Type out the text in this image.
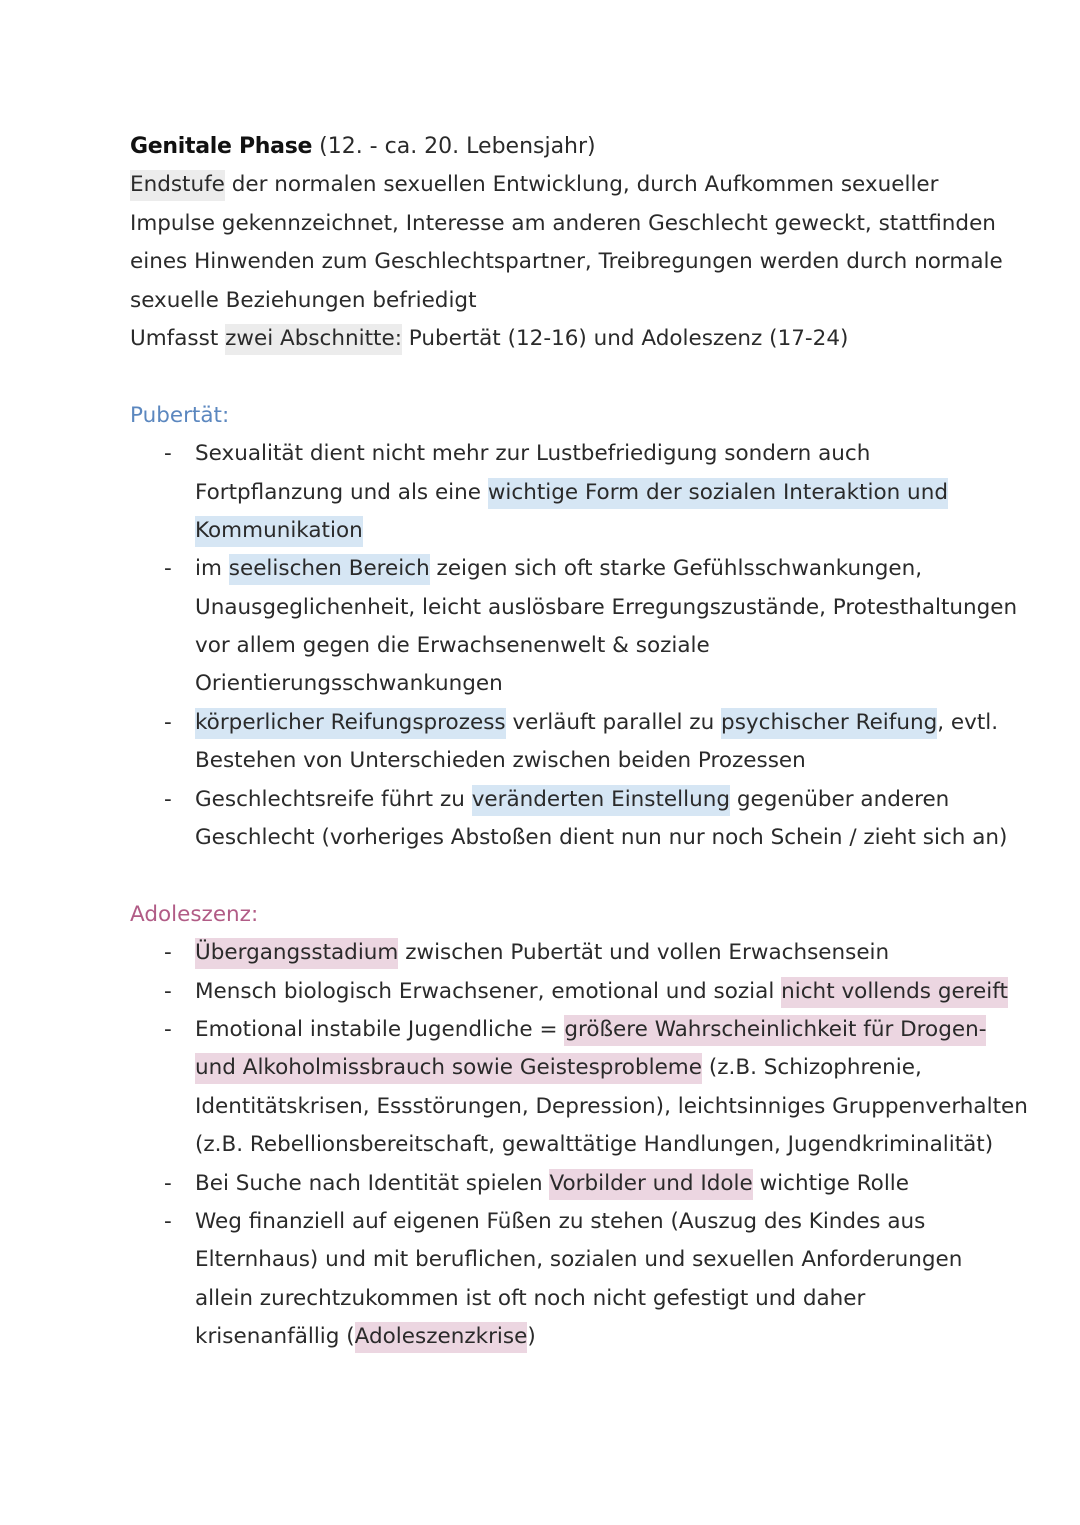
Genitale Phase (12. - ca. 20. Lebensjahr)
Endstufe der normalen sexuellen Entwicklung, durch Aufkommen sexueller
Impulse gekennzeichnet, Interesse am anderen Geschlecht geweckt, stattfinden
eines Hinwenden zum Geschlechtspartner, Treibregungen werden durch normale
sexuelle Beziehungen befriedigt
Umfasst zwei Abschnitte: Pubertät (12-16) und Adoleszenz (17-24)
Pubertät:
- Sexualität dient nicht mehr zur Lustbefriedigung sondern auch
Fortpflanzung und als eine wichtige Form der sozialen Interaktion und
Kommunikation
- im seelischen Bereich zeigen sich oft starke Gefühlsschwankungen,
Unausgeglichenheit, leicht auslösbare Erregungszustände, Protesthaltungen
vor allem gegen die Erwachsenenwelt & soziale
Orientierungsschwankungen
- körperlicher Reifungsprozess verläuft parallel zu psychischer Reifung, evtl.
Bestehen von Unterschieden zwischen beiden Prozessen
- Geschlechtsreife führt zu veränderten Einstellung gegenüber anderen
Geschlecht (vorheriges Abstoßen dient nun nur noch Schein / zieht sich an)
Adoleszenz:
- Übergangsstadium zwischen Pubertät und vollen Erwachsensein
- Mensch biologisch Erwachsener, emotional und sozial nicht vollends gereift
- Emotional instabile Jugendliche = größere Wahrscheinlichkeit für Drogen-
und Alkoholmissbrauch sowie Geistesprobleme (z.B. Schizophrenie,
Identitätskrisen, Essstörungen, Depression), leichtsinniges Gruppenverhalten
(z.B. Rebellionsbereitschaft, gewalttätige Handlungen, Jugendkriminalität)
- Bei Suche nach Identität spielen Vorbilder und Idole wichtige Rolle
- Weg finanziell auf eigenen Füßen zu stehen (Auszug des Kindes aus
Elternhaus) und mit beruflichen, sozialen und sexuellen Anforderungen
allein zurechtzukommen ist oft noch nicht gefestigt und daher
krisenanfällig (Adoleszenzkrise)
